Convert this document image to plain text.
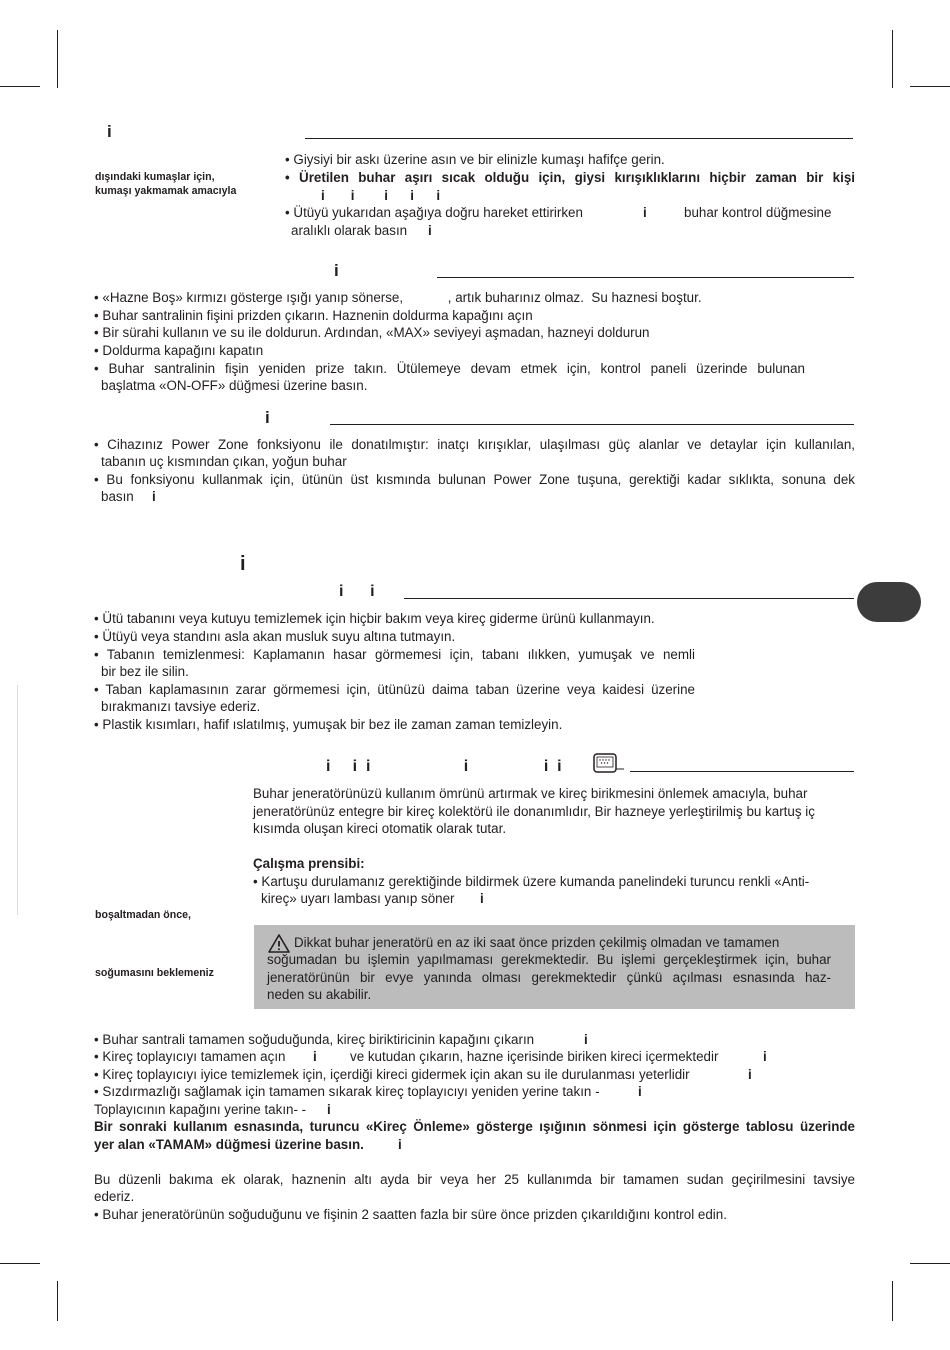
i
dışındaki kumaşlar için,
kumaşı yakmamak amacıyla
• Giysiyi bir askı üzerine asın ve bir elinizle kumaşı hafifçe gerin.
• Üretilen buhar aşırı sıcak olduğu için, giysi kırışıklıklarını hiçbir zaman bir kişi
i       i        i      i      i
• Ütüyü yukarıdan aşağıya doğru hareket ettirirken	i	buhar kontrol düğmesine
aralıklı olarak basın i
i
• «Hazne Boş» kırmızı gösterge ışığı yanıp sönerse,            , artık buharınız olmaz.  Su haznesi boştur.
• Buhar santralinin fişini prizden çıkarın. Haznenin doldurma kapağını açın
• Bir sürahi kullanın ve su ile doldurun. Ardından, «MAX» seviyeyi aşmadan, hazneyi doldurun
• Doldurma kapağını kapatın
• Buhar santralinin fişin yeniden prize takın. Ütülemeye devam etmek için, kontrol paneli üzerinde bulunan
başlatma «ON-OFF» düğmesi üzerine basın.
i
• Cihazınız Power Zone fonksiyonu ile donatılmıştır: inatçı kırışıklar, ulaşılması güç alanlar ve detaylar için kullanılan,
tabanın uç kısmından çıkan, yoğun buhar
• Bu fonksiyonu kullanmak için, ütünün üst kısmında bulunan Power Zone tuşuna, gerektiği kadar sıklıkta, sonuna dek
basın i
i
i      i
• Ütü tabanını veya kutuyu temizlemek için hiçbir bakım veya kireç giderme ürünü kullanmayın.
• Ütüyü veya standını asla akan musluk suyu altına tutmayın.
• Tabanın temizlenmesi: Kaplamanın hasar görmemesi için, tabanı ılıkken, yumuşak ve nemli
bir bez ile silin.
• Taban kaplamasının zarar görmemesi için, ütünüzü daima taban üzerine veya kaidesi üzerine
bırakmanızı tavsiye ederiz.
• Plastik kısımları, hafif ıslatılmış, yumuşak bir bez ile zaman zaman temizleyin.
i     i  i                     i                 i  i
Buhar jeneratörünüzü kullanım ömrünü artırmak ve kireç birikmesini önlemek amacıyla, buhar
jeneratörünüz entegre bir kireç kolektörü ile donanımlıdır, Bir hazneye yerleştirilmiş bu kartuş iç
kısımda oluşan kireci otomatik olarak tutar.
Çalışma prensibi:
• Kartuşu durulamanız gerektiğinde bildirmek üzere kumanda panelindeki turuncu renkli «Anti-
kireç» uyarı lambası yanıp söner i
boşaltmadan önce,
soğumasını beklemeniz
Dikkat buhar jeneratörü en az iki saat önce prizden çekilmiş olmadan ve tamamen
soğumadan bu işlemin yapılmaması gerekmektedir. Bu işlemi gerçekleştirmek için, buhar
jeneratörünün bir evye yanında olması gerekmektedir çünkü açılması esnasında haz-
neden su akabilir.
• Buhar santrali tamamen soğuduğunda, kireç biriktiricinin kapağını çıkarın	i
• Kireç toplayıcıyı tamamen açın i ve kutudan çıkarın, hazne içerisinde biriken kireci içermektedir	i
• Kireç toplayıcıyı iyice temizlemek için, içerdiği kireci gidermek için akan su ile durulanması yeterlidir	i
• Sızdırmazlığı sağlamak için tamamen sıkarak kireç toplayıcıyı yeniden yerine takın -	i
Toplayıcının kapağını yerine takın- - i
Bir sonraki kullanım esnasında, turuncu «Kireç Önleme» gösterge ışığının sönmesi için gösterge tablosu üzerinde
yer alan «TAMAM» düğmesi üzerine basın.	i
Bu düzenli bakıma ek olarak, haznenin altı ayda bir veya her 25 kullanımda bir tamamen sudan geçirilmesini tavsiye
ederiz.
• Buhar jeneratörünün soğuduğunu ve fişinin 2 saatten fazla bir süre önce prizden çıkarıldığını kontrol edin.
